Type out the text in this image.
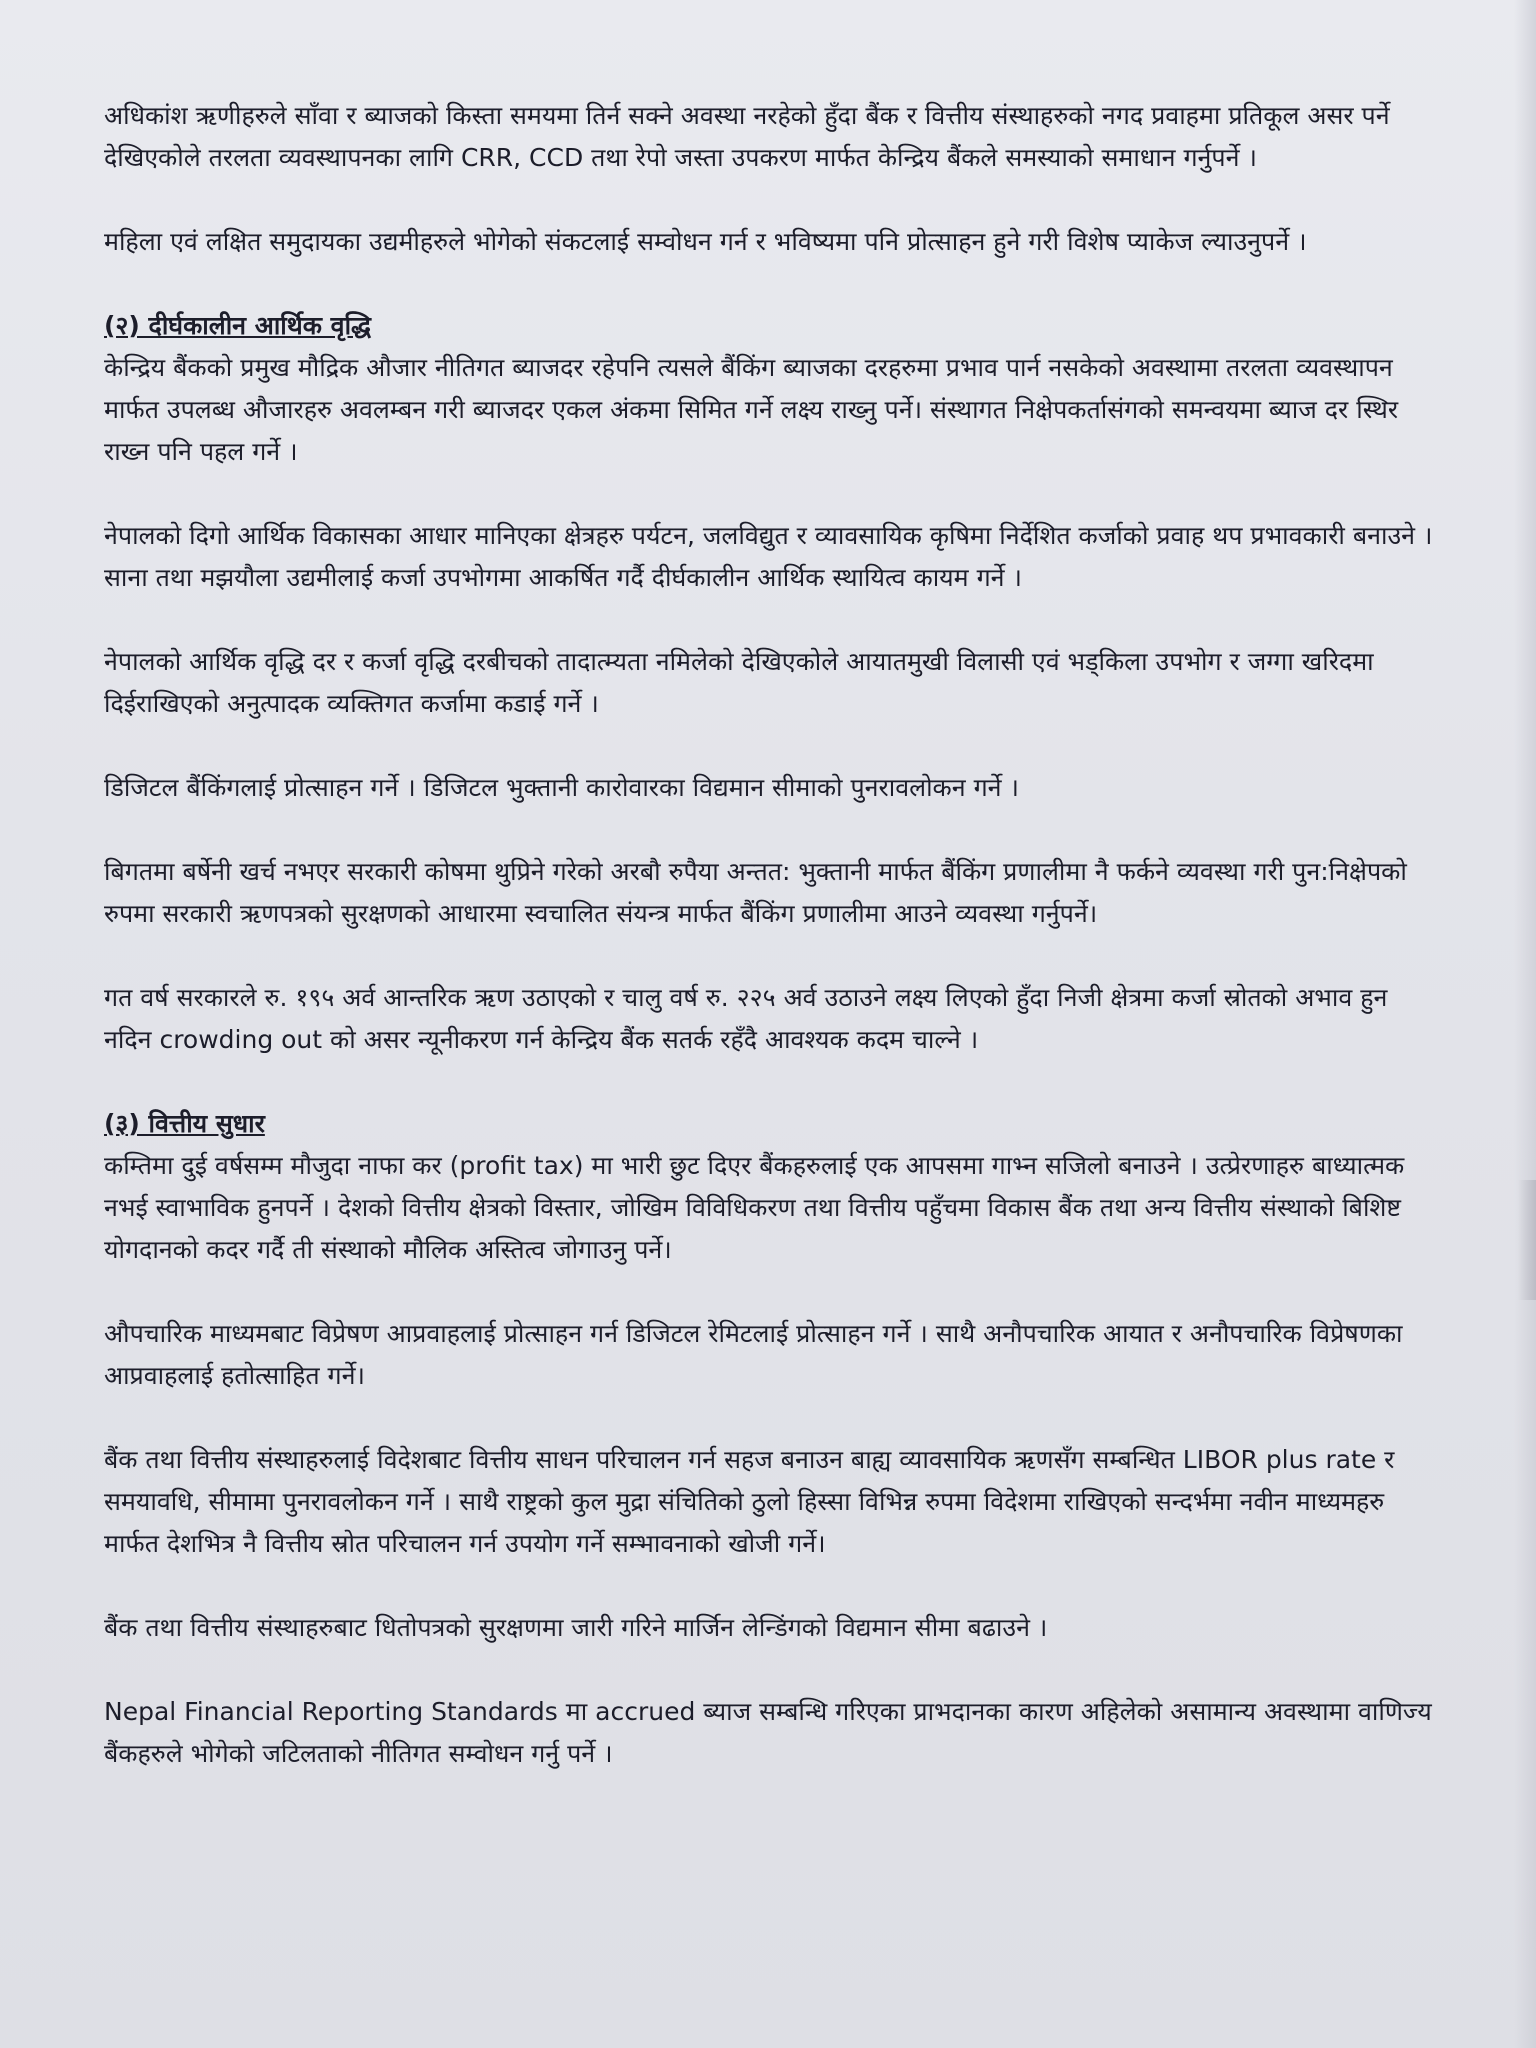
अधिकांश ऋणीहरुले साँवा र ब्याजको किस्ता समयमा तिर्न सक्ने अवस्था नरहेको हुँदा बैंक र वित्तीय संस्थाहरुको नगद प्रवाहमा प्रतिकूल असर पर्ने देखिएकोले तरलता व्यवस्थापनका लागि CRR, CCD तथा रेपो जस्ता उपकरण मार्फत केन्द्रिय बैंकले समस्याको समाधान गर्नुपर्ने ।

महिला एवं लक्षित समुदायका उद्यमीहरुले भोगेको संकटलाई सम्वोधन गर्न र भविष्यमा पनि प्रोत्साहन हुने गरी विशेष प्याकेज ल्याउनुपर्ने ।

(२) दीर्घकालीन आर्थिक वृद्धि

केन्द्रिय बैंकको प्रमुख मौद्रिक औजार नीतिगत ब्याजदर रहेपनि त्यसले बैंकिंग ब्याजका दरहरुमा प्रभाव पार्न नसकेको अवस्थामा तरलता व्यवस्थापन मार्फत उपलब्ध औजारहरु अवलम्बन गरी ब्याजदर एकल अंकमा सिमित गर्ने लक्ष्य राख्नु पर्ने। संस्थागत निक्षेपकर्तासंगको समन्वयमा ब्याज दर स्थिर राख्न पनि पहल गर्ने ।

नेपालको दिगो आर्थिक विकासका आधार मानिएका क्षेत्रहरु पर्यटन, जलविद्युत र व्यावसायिक कृषिमा निर्देशित कर्जाको प्रवाह थप प्रभावकारी बनाउने । साना तथा मझयौला उद्यमीलाई कर्जा उपभोगमा आकर्षित गर्दै दीर्घकालीन आर्थिक स्थायित्व कायम गर्ने ।

नेपालको आर्थिक वृद्धि दर र कर्जा वृद्धि दरबीचको तादात्म्यता नमिलेको देखिएकोले आयातमुखी विलासी एवं भड्किला उपभोग र जग्गा खरिदमा दिईराखिएको अनुत्पादक व्यक्तिगत कर्जामा कडाई गर्ने ।

डिजिटल बैंकिंगलाई प्रोत्साहन गर्ने । डिजिटल भुक्तानी कारोवारका विद्यमान सीमाको पुनरावलोकन गर्ने ।

बिगतमा बर्षेनी खर्च नभएर सरकारी कोषमा थुप्रिने गरेको अरबौ रुपैया अन्तत: भुक्तानी मार्फत बैंकिंग प्रणालीमा नै फर्कने व्यवस्था गरी पुन:निक्षेपको रुपमा सरकारी ऋणपत्रको सुरक्षणको आधारमा स्वचालित संयन्त्र मार्फत बैंकिंग प्रणालीमा आउने व्यवस्था गर्नुपर्ने।

गत वर्ष सरकारले रु. १९५ अर्व आन्तरिक ऋण उठाएको र चालु वर्ष रु. २२५ अर्व उठाउने लक्ष्य लिएको हुँदा निजी क्षेत्रमा कर्जा स्रोतको अभाव हुन नदिन crowding out को असर न्यूनीकरण गर्न केन्द्रिय बैंक सतर्क रहँदै आवश्यक कदम चाल्ने ।

(३) वित्तीय सुधार

कम्तिमा दुई वर्षसम्म मौजुदा नाफा कर (profit tax) मा भारी छुट दिएर बैंकहरुलाई एक आपसमा गाभ्न सजिलो बनाउने । उत्प्रेरणाहरु बाध्यात्मक नभई स्वाभाविक हुनपर्ने । देशको वित्तीय क्षेत्रको विस्तार, जोखिम विविधिकरण तथा वित्तीय पहुँचमा विकास बैंक तथा अन्य वित्तीय संस्थाको बिशिष्ट योगदानको कदर गर्दै ती संस्थाको मौलिक अस्तित्व जोगाउनु पर्ने।

औपचारिक माध्यमबाट विप्रेषण आप्रवाहलाई प्रोत्साहन गर्न डिजिटल रेमिटलाई प्रोत्साहन गर्ने । साथै अनौपचारिक आयात र अनौपचारिक विप्रेषणका आप्रवाहलाई हतोत्साहित गर्ने।

बैंक तथा वित्तीय संस्थाहरुलाई विदेशबाट वित्तीय साधन परिचालन गर्न सहज बनाउन बाह्य व्यावसायिक ऋणसँग सम्बन्धित LIBOR plus rate र समयावधि, सीमामा पुनरावलोकन गर्ने । साथै राष्ट्रको कुल मुद्रा संचितिको ठुलो हिस्सा विभिन्न रुपमा विदेशमा राखिएको सन्दर्भमा नवीन माध्यमहरु मार्फत देशभित्र नै वित्तीय स्रोत परिचालन गर्न उपयोग गर्ने सम्भावनाको खोजी गर्ने।

बैंक तथा वित्तीय संस्थाहरुबाट धितोपत्रको सुरक्षणमा जारी गरिने मार्जिन लेन्डिंगको विद्यमान सीमा बढाउने ।

Nepal Financial Reporting Standards मा accrued ब्याज सम्बन्धि गरिएका प्राभदानका कारण अहिलेको असामान्य अवस्थामा वाणिज्य बैंकहरुले भोगेको जटिलताको नीतिगत सम्वोधन गर्नु पर्ने ।
